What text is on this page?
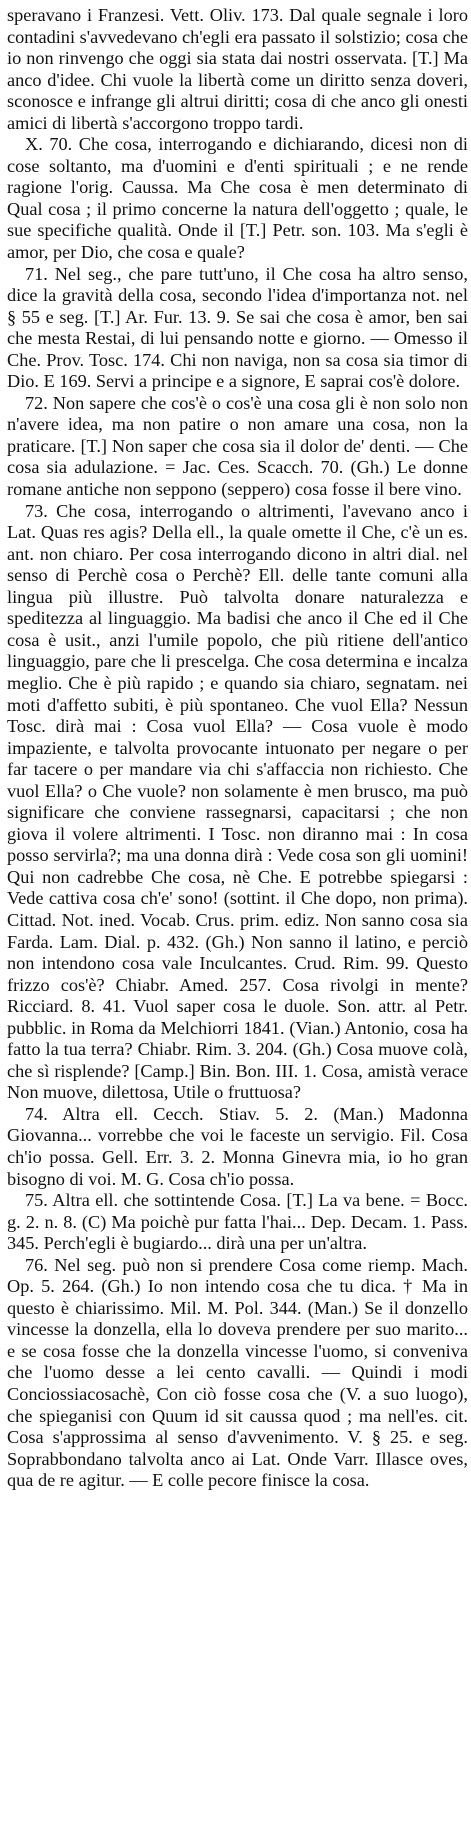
speravano i Franzesi. Vett. Oliv. 173. Dal quale segnale i loro contadini s'avvedevano ch'egli era passato il solstizio; cosa che io non rinvengo che oggi sia stata dai nostri osservata. [T.] Ma anco d'idee. Chi vuole la libertà come un diritto senza doveri, sconosce e infrange gli altrui diritti; cosa di che anco gli onesti amici di libertà s'accorgono troppo tardi.

X. 70. Che cosa, interrogando e dichiarando, dicesi non di cose soltanto, ma d'uomini e d'enti spirituali ; e ne rende ragione l'orig. Caussa. Ma Che cosa è men determinato di Qual cosa ; il primo concerne la natura dell'oggetto ; quale, le sue specifiche qualità. Onde il [T.] Petr. son. 103. Ma s'egli è amor, per Dio, che cosa e quale?

71. Nel seg., che pare tutt'uno, il Che cosa ha altro senso, dice la gravità della cosa, secondo l'idea d'importanza not. nel § 55 e seg. [T.] Ar. Fur. 13. 9. Se sai che cosa è amor, ben sai che mesta Restai, di lui pensando notte e giorno. — Omesso il Che. Prov. Tosc. 174. Chi non naviga, non sa cosa sia timor di Dio. E 169. Servi a principe e a signore, E saprai cos'è dolore.

72. Non sapere che cos'è o cos'è una cosa gli è non solo non n'avere idea, ma non patire o non amare una cosa, non la praticare. [T.] Non saper che cosa sia il dolor de' denti. — Che cosa sia adulazione. = Jac. Ces. Scacch. 70. (Gh.) Le donne romane antiche non seppono (seppero) cosa fosse il bere vino.

73. Che cosa, interrogando o altrimenti, l'avevano anco i Lat. Quas res agis? Della ell., la quale omette il Che, c'è un es. ant. non chiaro. Per cosa interrogando dicono in altri dial. nel senso di Perchè cosa o Perchè? Ell. delle tante comuni alla lingua più illustre. Può talvolta donare naturalezza e speditezza al linguaggio. Ma badisi che anco il Che ed il Che cosa è usit., anzi l'umile popolo, che più ritiene dell'antico linguaggio, pare che li prescelga. Che cosa determina e incalza meglio. Che è più rapido ; e quando sia chiaro, segnatam. nei moti d'affetto subiti, è più spontaneo. Che vuol Ella? Nessun Tosc. dirà mai : Cosa vuol Ella? — Cosa vuole è modo impaziente, e talvolta provocante intuonato per negare o per far tacere o per mandare via chi s'affaccia non richiesto. Che vuol Ella? o Che vuole? non solamente è men brusco, ma può significare che conviene rassegnarsi, capacitarsi ; che non giova il volere altrimenti. I Tosc. non diranno mai : In cosa posso servirla?; ma una donna dirà : Vede cosa son gli uomini! Qui non cadrebbe Che cosa, nè Che. E potrebbe spiegarsi : Vede cattiva cosa ch'e' sono! (sottint. il Che dopo, non prima). Cittad. Not. ined. Vocab. Crus. prim. ediz. Non sanno cosa sia Farda. Lam. Dial. p. 432. (Gh.) Non sanno il latino, e perciò non intendono cosa vale Inculcantes. Crud. Rim. 99. Questo frizzo cos'è? Chiabr. Amed. 257. Cosa rivolgi in mente? Ricciard. 8. 41. Vuol saper cosa le duole. Son. attr. al Petr. pubblic. in Roma da Melchiorri 1841. (Vian.) Antonio, cosa ha fatto la tua terra? Chiabr. Rim. 3. 204. (Gh.) Cosa muove colà, che sì risplende? [Camp.] Bin. Bon. III. 1. Cosa, amistà verace Non muove, dilettosa, Utile o fruttuosa?

74. Altra ell. Cecch. Stiav. 5. 2. (Man.) Madonna Giovanna... vorrebbe che voi le faceste un servigio. Fil. Cosa ch'io possa. Gell. Err. 3. 2. Monna Ginevra mia, io ho gran bisogno di voi. M. G. Cosa ch'io possa.

75. Altra ell. che sottintende Cosa. [T.] La va bene. = Bocc. g. 2. n. 8. (C) Ma poichè pur fatta l'hai... Dep. Decam. 1. Pass. 345. Perch'egli è bugiardo... dirà una per un'altra.

76. Nel seg. può non si prendere Cosa come riemp. Mach. Op. 5. 264. (Gh.) Io non intendo cosa che tu dica. † Ma in questo è chiarissimo. Mil. M. Pol. 344. (Man.) Se il donzello vincesse la donzella, ella lo doveva prendere per suo marito... e se cosa fosse che la donzella vincesse l'uomo, si conveniva che l'uomo desse a lei cento cavalli. — Quindi i modi Conciossiacosachè, Con ciò fosse cosa che (V. a suo luogo), che spieganisi con Quum id sit caussa quod ; ma nell'es. cit. Cosa s'approssima al senso d'avvenimento. V. § 25. e seg. Soprabbondano talvolta anco ai Lat. Onde Varr. Illasce oves, qua de re agitur. — E colle pecore finisce la cosa.
